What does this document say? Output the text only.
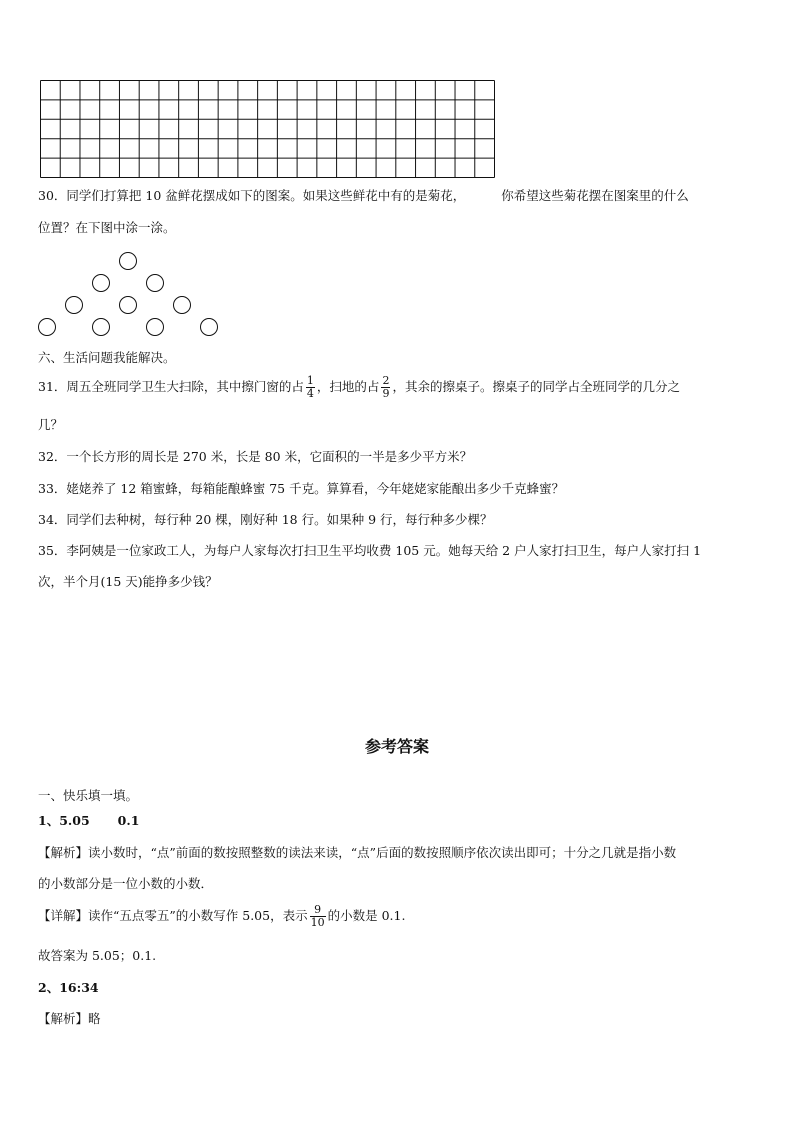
30．同学们打算把 10 盆鲜花摆成如下的图案。如果这些鲜花中有的是菊花，	你希望这些菊花摆在图案里的什么
位置？在下图中涂一涂。
六、生活问题我能解决。
31．周五全班同学卫生大扫除，其中擦门窗的占 $\frac{1}{4}$ ，扫地的占 $\frac{2}{9}$ ，其余的擦桌子。擦桌子的同学占全班同学的几分之
几？
32．一个长方形的周长是 270 米，长是 80 米，它面积的一半是多少平方米？
33．姥姥养了 12 箱蜜蜂，每箱能酿蜂蜜 75 千克。算算看，今年姥姥家能酿出多少千克蜂蜜？
34．同学们去种树，每行种 20 棵，刚好种 18 行。如果种 9 行，每行种多少棵？
35．李阿姨是一位家政工人，为每户人家每次打扫卫生平均收费 105 元。她每天给 2 户人家打扫卫生，每户人家打扫 1
次，半个月(15 天)能挣多少钱？
参考答案
一、快乐填一填。
1、5.05 0.1
【解析】读小数时，“点”前面的数按照整数的读法来读，“点”后面的数按照顺序依次读出即可；十分之几就是指小数
的小数部分是一位小数的小数．
【详解】读作“五点零五”的小数写作 5.05，表示 $\frac{9}{10}$ 的小数是 0.1.
故答案为 5.05；0.1.
2、16:34
【解析】略
